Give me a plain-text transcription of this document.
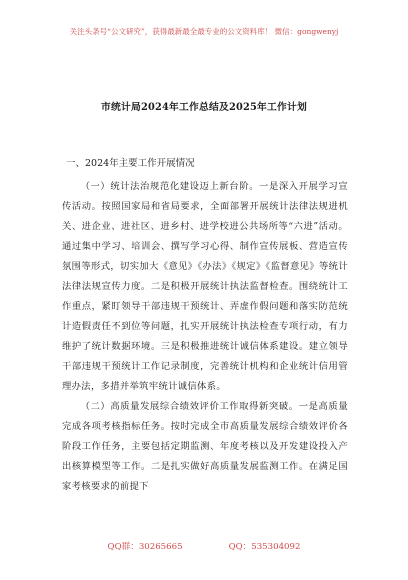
关注头条号“公文研究”，获得最新最全最专业的公文资料库！ 微信：gongwenyj
市统计局2024年工作总结及2025年工作计划
一、2024年主要工作开展情况

（一）统计法治规范化建设迈上新台阶。一是深入开展学习宣传活动。按照国家局和省局要求，全面部署开展统计法律法规进机关、进企业、进社区、进乡村、进学校进公共场所等“六进”活动。通过集中学习、培训会、撰写学习心得、制作宣传展板、营造宣传氛围等形式，切实加大《意见》《办法》《规定》《监督意见》等统计法律法规宣传力度。二是积极开展统计执法监督检查。围绕统计工作重点，紧盯领导干部违规干预统计、弄虚作假问题和落实防范统计造假责任不到位等问题，扎实开展统计执法检查专项行动，有力维护了统计数据环境。三是积极推进统计诚信体系建设。建立领导干部违规干预统计工作记录制度，完善统计机构和企业统计信用管理办法，多措并举筑牢统计诚信体系。

（二）高质量发展综合绩效评价工作取得新突破。一是高质量完成各项考核指标任务。按时完成全市高质量发展综合绩效评价各阶段工作任务，主要包括定期监测、年度考核以及开发建设投入产出核算模型等工作。二是扎实做好高质量发展监测工作。在满足国家考核要求的前提下

QQ群：30265665	QQ：535304092
